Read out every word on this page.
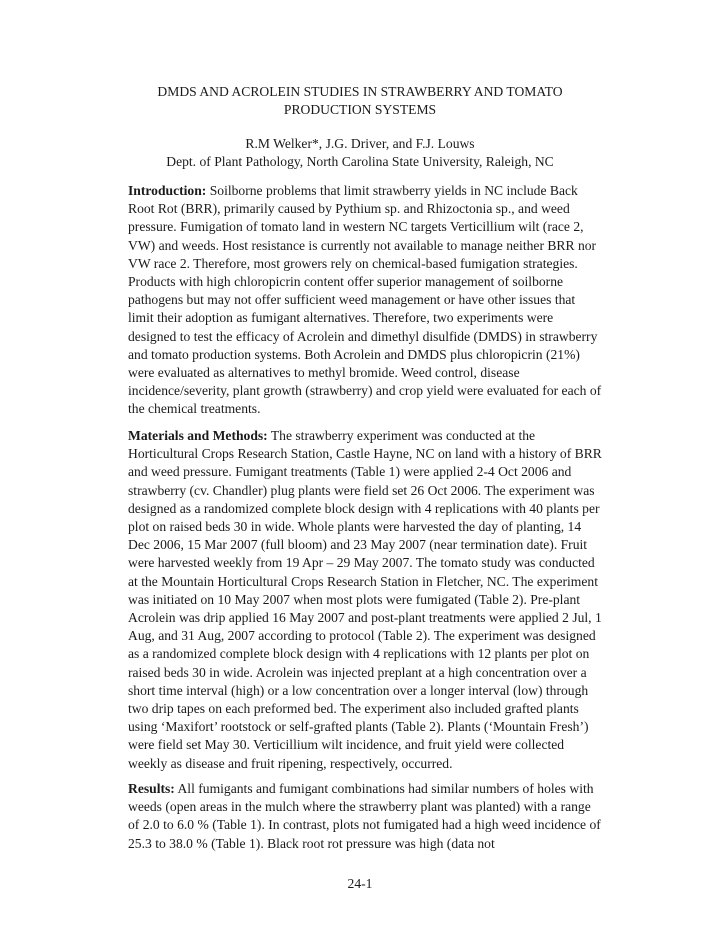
DMDS AND ACROLEIN STUDIES IN STRAWBERRY AND TOMATO
PRODUCTION SYSTEMS
R.M Welker*, J.G. Driver, and F.J. Louws
Dept. of Plant Pathology, North Carolina State University, Raleigh, NC

Introduction: Soilborne problems that limit strawberry yields in NC include Back Root Rot (BRR), primarily caused by Pythium sp. and Rhizoctonia sp., and weed pressure. Fumigation of tomato land in western NC targets Verticillium wilt (race 2, VW) and weeds. Host resistance is currently not available to manage neither BRR nor VW race 2. Therefore, most growers rely on chemical-based fumigation strategies. Products with high chloropicrin content offer superior management of soilborne pathogens but may not offer sufficient weed management or have other issues that limit their adoption as fumigant alternatives. Therefore, two experiments were designed to test the efficacy of Acrolein and dimethyl disulfide (DMDS) in strawberry and tomato production systems. Both Acrolein and DMDS plus chloropicrin (21%) were evaluated as alternatives to methyl bromide. Weed control, disease incidence/severity, plant growth (strawberry) and crop yield were evaluated for each of the chemical treatments.

Materials and Methods: The strawberry experiment was conducted at the Horticultural Crops Research Station, Castle Hayne, NC on land with a history of BRR and weed pressure. Fumigant treatments (Table 1) were applied 2-4 Oct 2006 and strawberry (cv. Chandler) plug plants were field set 26 Oct 2006. The experiment was designed as a randomized complete block design with 4 replications with 40 plants per plot on raised beds 30 in wide. Whole plants were harvested the day of planting, 14 Dec 2006, 15 Mar 2007 (full bloom) and 23 May 2007 (near termination date). Fruit were harvested weekly from 19 Apr – 29 May 2007. The tomato study was conducted at the Mountain Horticultural Crops Research Station in Fletcher, NC. The experiment was initiated on 10 May 2007 when most plots were fumigated (Table 2). Pre-plant Acrolein was drip applied 16 May 2007 and post-plant treatments were applied 2 Jul, 1 Aug, and 31 Aug, 2007 according to protocol (Table 2). The experiment was designed as a randomized complete block design with 4 replications with 12 plants per plot on raised beds 30 in wide. Acrolein was injected preplant at a high concentration over a short time interval (high) or a low concentration over a longer interval (low) through two drip tapes on each preformed bed. The experiment also included grafted plants using ‘Maxifort’ rootstock or self-grafted plants (Table 2). Plants (‘Mountain Fresh’) were field set May 30. Verticillium wilt incidence, and fruit yield were collected weekly as disease and fruit ripening, respectively, occurred.

Results: All fumigants and fumigant combinations had similar numbers of holes with weeds (open areas in the mulch where the strawberry plant was planted) with a range of 2.0 to 6.0 % (Table 1). In contrast, plots not fumigated had a high weed incidence of 25.3 to 38.0 % (Table 1). Black root rot pressure was high (data not

24-1
